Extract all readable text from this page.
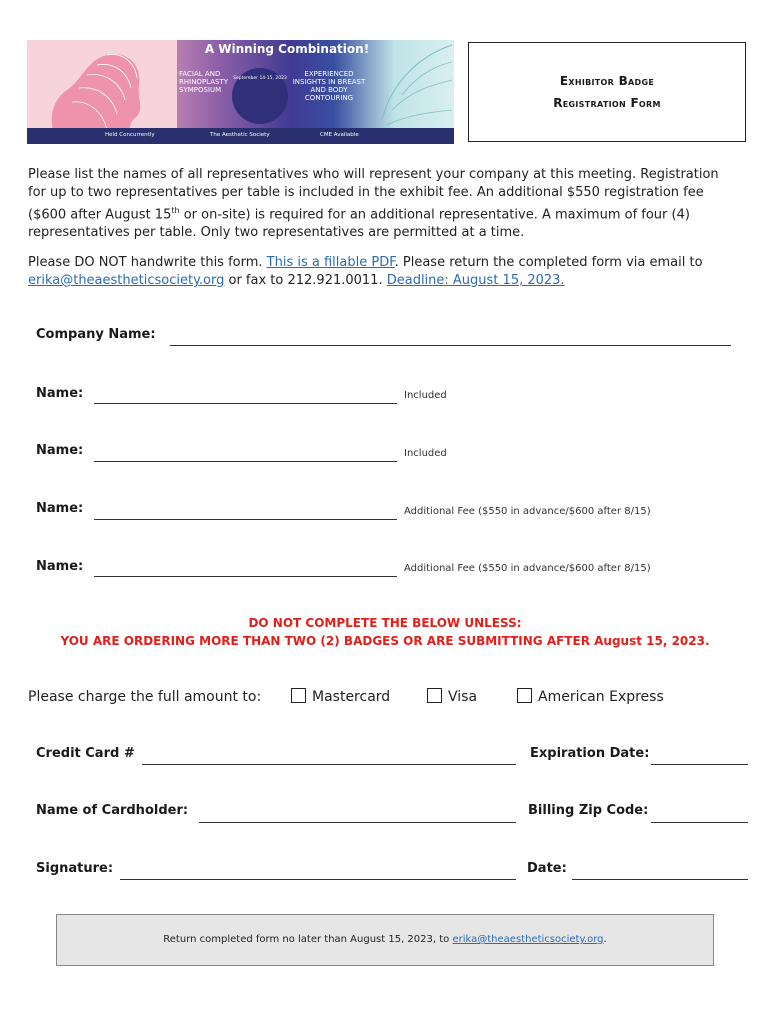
A Winning Combination!
FACIAL AND RHINOPLASTY SYMPOSIUM
September 14-15, 2023
EXPERIENCED INSIGHTS IN BREAST AND BODY CONTOURING
Held Concurrently	The Aesthetic Society	CME Available
Exhibitor Badge
Registration Form

Please list the names of all representatives who will represent your company at this meeting. Registration for up to two representatives per table is included in the exhibit fee. An additional $550 registration fee ($600 after August 15th or on-site) is required for an additional representative. A maximum of four (4) representatives per table. Only two representatives are permitted at a time.

Please DO NOT handwrite this form. This is a fillable PDF. Please return the completed form via email to erika@theaestheticsociety.org or fax to 212.921.0011. Deadline: August 15, 2023.

Company Name:
Name:	Included
Name:	Included
Name:	Additional Fee ($550 in advance/$600 after 8/15)
Name:	Additional Fee ($550 in advance/$600 after 8/15)
DO NOT COMPLETE THE BELOW UNLESS:
YOU ARE ORDERING MORE THAN TWO (2) BADGES OR ARE SUBMITTING AFTER August 15, 2023.
Please charge the full amount to:	Mastercard	Visa	American Express
Credit Card #	Expiration Date:
Name of Cardholder:	Billing Zip Code:
Signature:	Date:
Return completed form no later than August 15, 2023, to erika@theaestheticsociety.org.
